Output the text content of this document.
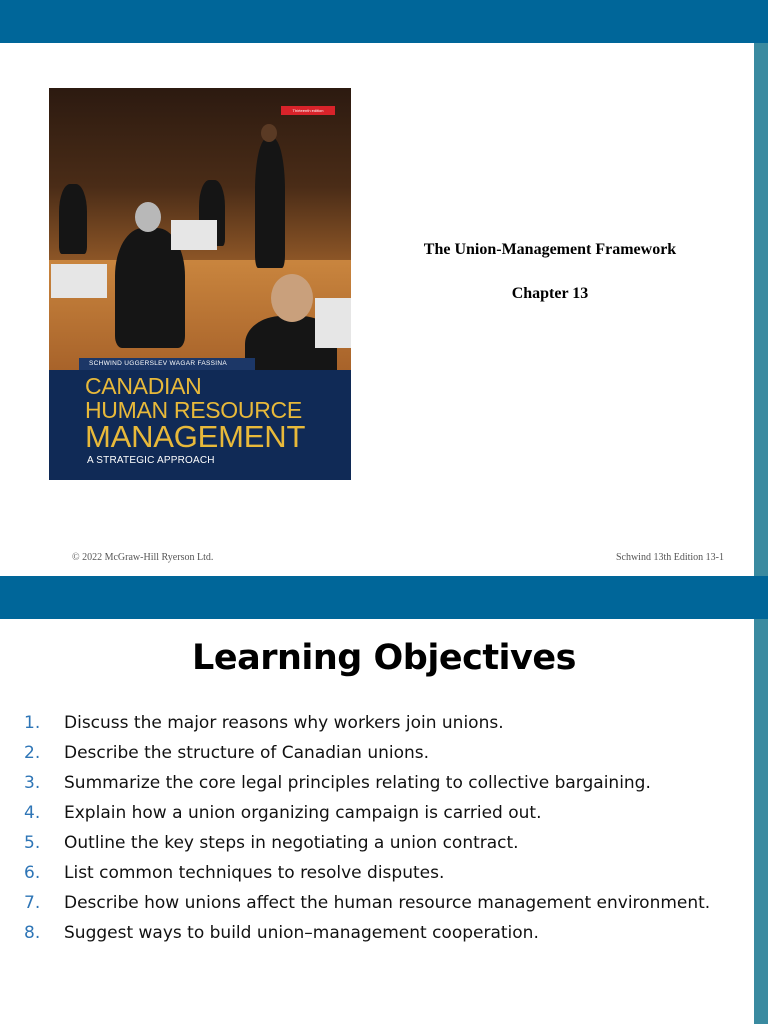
Thirteenth edition
SCHWIND UGGERSLEV WAGAR FASSINA
CANADIAN
HUMAN RESOURCE
MANAGEMENT
A STRATEGIC APPROACH
The Union-Management Framework
Chapter 13
© 2022 McGraw-Hill Ryerson Ltd.	Schwind 13th Edition 13-1
Learning Objectives
1. Discuss the major reasons why workers join unions.
2. Describe the structure of Canadian unions.
3. Summarize the core legal principles relating to collective bargaining.
4. Explain how a union organizing campaign is carried out.
5. Outline the key steps in negotiating a union contract.
6. List common techniques to resolve disputes.
7. Describe how unions affect the human resource management environment.
8. Suggest ways to build union–management cooperation.
